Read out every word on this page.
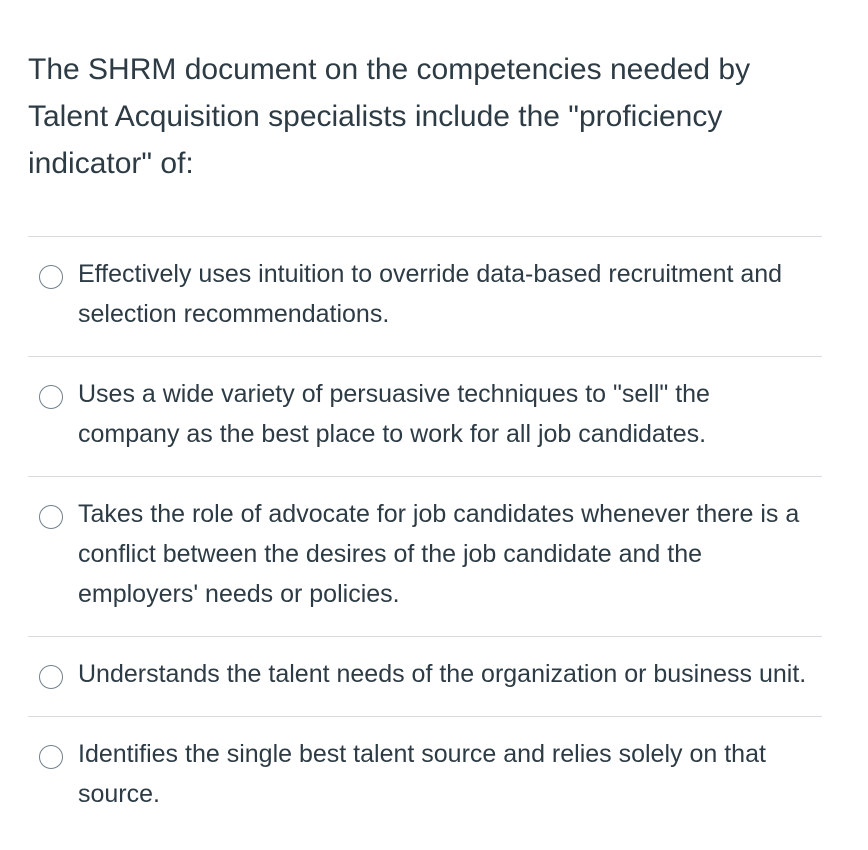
The SHRM document on the competencies needed by Talent Acquisition specialists include the "proficiency indicator" of:
Effectively uses intuition to override data-based recruitment and selection recommendations.
Uses a wide variety of persuasive techniques to "sell" the company as the best place to work for all job candidates.
Takes the role of advocate for job candidates whenever there is a conflict between the desires of the job candidate and the employers' needs or policies.
Understands the talent needs of the organization or business unit.
Identifies the single best talent source and relies solely on that source.
